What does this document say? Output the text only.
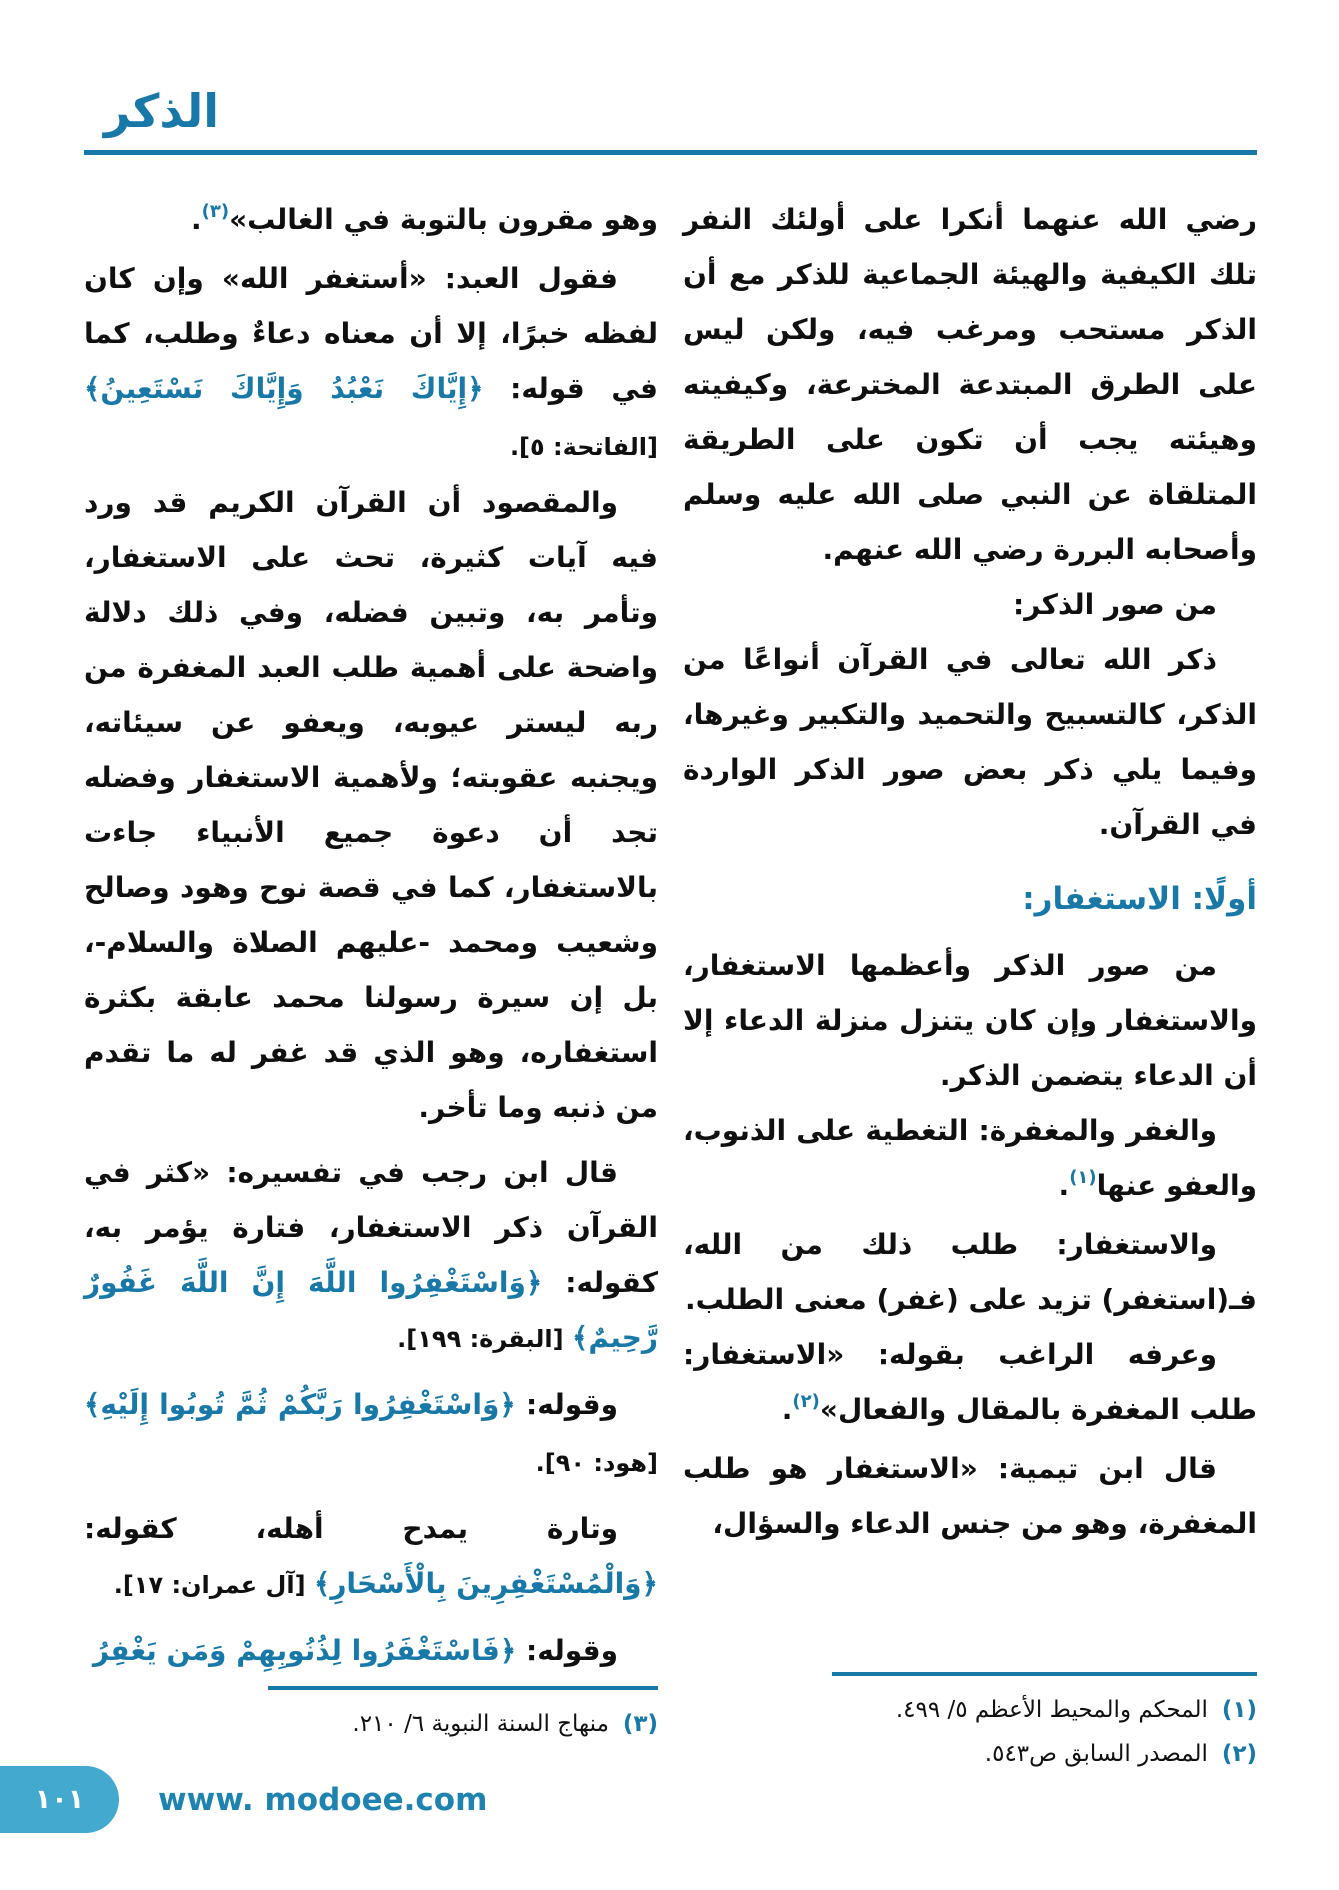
الذكر

رضي الله عنهما أنكرا على أولئك النفر تلك الكيفية والهيئة الجماعية للذكر مع أن الذكر مستحب ومرغب فيه، ولكن ليس على الطرق المبتدعة المخترعة، وكيفيته وهيئته يجب أن تكون على الطريقة المتلقاة عن النبي صلى الله عليه وسلم وأصحابه البررة رضي الله عنهم.

من صور الذكر:

ذكر الله تعالى في القرآن أنواعًا من الذكر، كالتسبيح والتحميد والتكبير وغيرها، وفيما يلي ذكر بعض صور الذكر الواردة في القرآن.

أولًا: الاستغفار:

من صور الذكر وأعظمها الاستغفار، والاستغفار وإن كان يتنزل منزلة الدعاء إلا أن الدعاء يتضمن الذكر.

والغفر والمغفرة: التغطية على الذنوب، والعفو عنها$^{(١)}$.

والاستغفار: طلب ذلك من الله، فـ(استغفر) تزيد على (غفر) معنى الطلب.

وعرفه الراغب بقوله: «الاستغفار: طلب المغفرة بالمقال والفعال»$^{(٢)}$.

قال ابن تيمية: «الاستغفار هو طلب المغفرة، وهو من جنس الدعاء والسؤال،

وهو مقرون بالتوبة في الغالب»$^{(٣)}$.

فقول العبد: «أستغفر الله» وإن كان لفظه خبرًا، إلا أن معناه دعاءٌ وطلب، كما في قوله: ﴿إِيَّاكَ نَعْبُدُ وَإِيَّاكَ نَسْتَعِينُ﴾ [الفاتحة: ٥].

والمقصود أن القرآن الكريم قد ورد فيه آيات كثيرة، تحث على الاستغفار، وتأمر به، وتبين فضله، وفي ذلك دلالة واضحة على أهمية طلب العبد المغفرة من ربه ليستر عيوبه، ويعفو عن سيئاته، ويجنبه عقوبته؛ ولأهمية الاستغفار وفضله تجد أن دعوة جميع الأنبياء جاءت بالاستغفار، كما في قصة نوح وهود وصالح وشعيب ومحمد -عليهم الصلاة والسلام-، بل إن سيرة رسولنا محمد عابقة بكثرة استغفاره، وهو الذي قد غفر له ما تقدم من ذنبه وما تأخر.

قال ابن رجب في تفسيره: «كثر في القرآن ذكر الاستغفار، فتارة يؤمر به، كقوله: ﴿وَاسْتَغْفِرُوا اللَّهَ إِنَّ اللَّهَ غَفُورٌ رَّحِيمٌ﴾ [البقرة: ١٩٩].

وقوله: ﴿وَاسْتَغْفِرُوا رَبَّكُمْ ثُمَّ تُوبُوا إِلَيْهِ﴾ [هود: ٩٠].

وتارة يمدح أهله، كقوله: ﴿وَالْمُسْتَغْفِرِينَ بِالْأَسْحَارِ﴾ [آل عمران: ١٧].

وقوله: ﴿فَاسْتَغْفَرُوا لِذُنُوبِهِمْ وَمَن يَغْفِرُ

(١)
المحكم والمحيط الأعظم ٥/ ٤٩٩.
(٢)
المصدر السابق ص٥٤٣.
(٣)
منهاج السنة النبوية ٦/ ٢١٠.
١٠١ www. modoee.com
